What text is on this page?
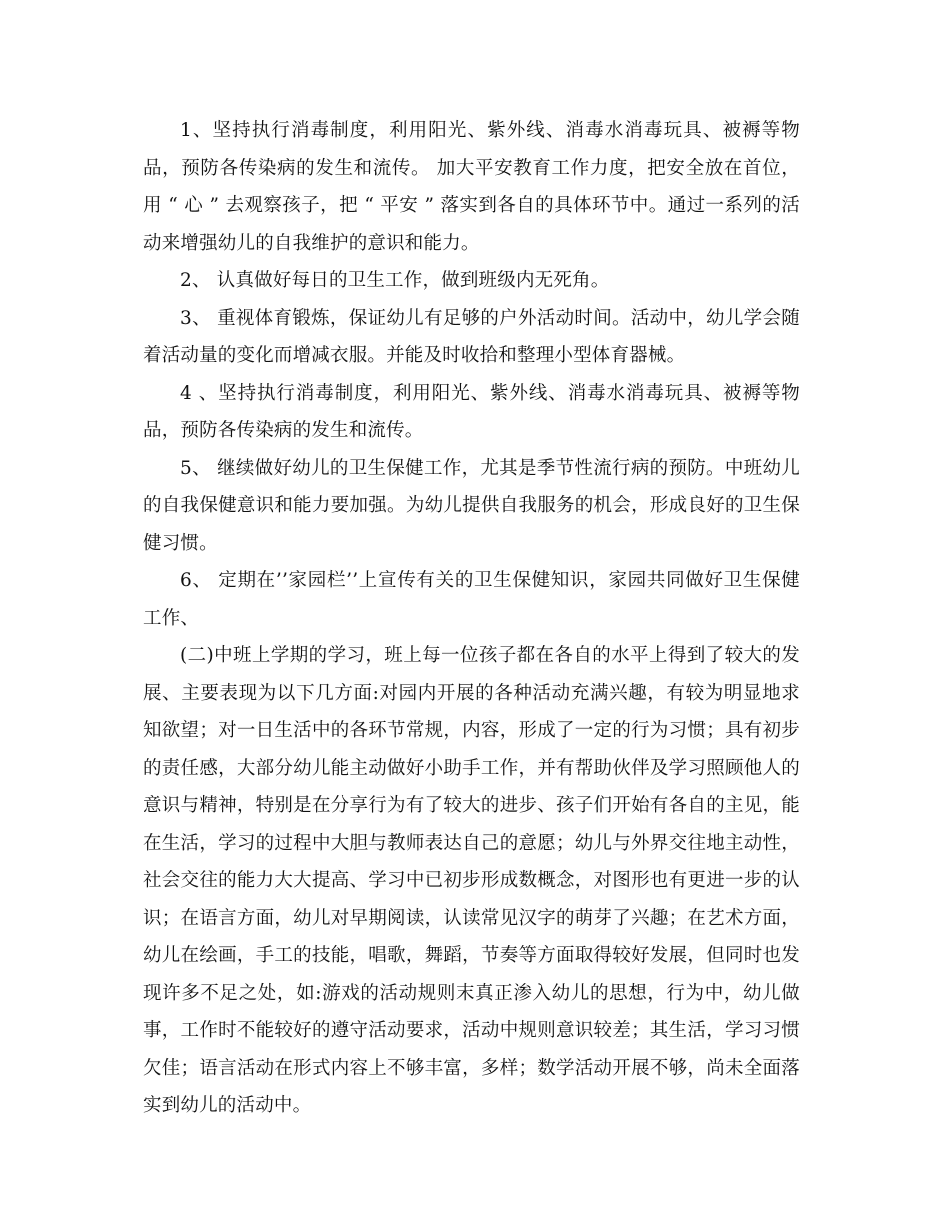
1、坚持执行消毒制度，利用阳光、紫外线、消毒水消毒玩具、被褥等物品，预防各传染病的发生和流传。 加大平安教育工作力度，把安全放在首位，用 “ 心 ” 去观察孩子，把 “ 平安 ” 落实到各自的具体环节中。通过一系列的活动来增强幼儿的自我维护的意识和能力。

2、 认真做好每日的卫生工作，做到班级内无死角。

3、 重视体育锻炼，保证幼儿有足够的户外活动时间。活动中，幼儿学会随着活动量的变化而增减衣服。并能及时收拾和整理小型体育器械。

4 、坚持执行消毒制度，利用阳光、紫外线、消毒水消毒玩具、被褥等物品，预防各传染病的发生和流传。

5、 继续做好幼儿的卫生保健工作，尤其是季节性流行病的预防。中班幼儿的自我保健意识和能力要加强。为幼儿提供自我服务的机会，形成良好的卫生保健习惯。

6、 定期在’’家园栏’’上宣传有关的卫生保健知识，家园共同做好卫生保健工作、

(二)中班上学期的学习，班上每一位孩子都在各自的水平上得到了较大的发展、主要表现为以下几方面:对园内开展的各种活动充满兴趣，有较为明显地求知欲望；对一日生活中的各环节常规，内容，形成了一定的行为习惯；具有初步的责任感，大部分幼儿能主动做好小助手工作，并有帮助伙伴及学习照顾他人的意识与精神，特别是在分享行为有了较大的进步、孩子们开始有各自的主见，能在生活，学习的过程中大胆与教师表达自己的意愿；幼儿与外界交往地主动性，社会交往的能力大大提高、学习中已初步形成数概念，对图形也有更进一步的认识；在语言方面，幼儿对早期阅读，认读常见汉字的萌芽了兴趣；在艺术方面，幼儿在绘画，手工的技能，唱歌，舞蹈，节奏等方面取得较好发展，但同时也发现许多不足之处，如:游戏的活动规则末真正渗入幼儿的思想，行为中，幼儿做事，工作时不能较好的遵守活动要求，活动中规则意识较差；其生活，学习习惯欠佳；语言活动在形式内容上不够丰富，多样；数学活动开展不够，尚未全面落实到幼儿的活动中。
